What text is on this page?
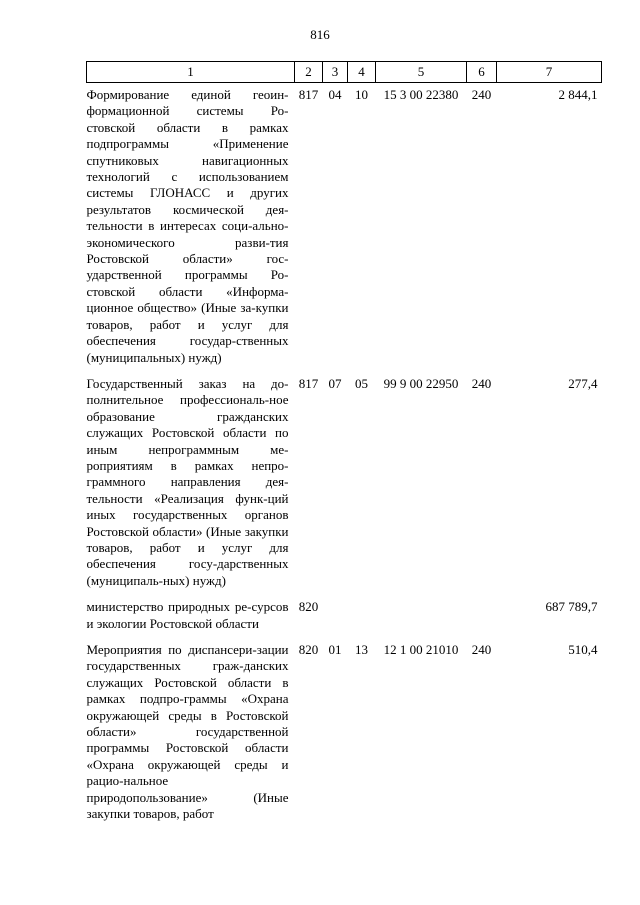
816
1	2	3	4	5	6	7
Формирование единой геоин-формационной системы Ро-стовской области в рамках подпрограммы «Применение спутниковых навигационных технологий с использованием системы ГЛОНАСС и других результатов космической дея-тельности в интересах соци-ально-экономического разви-тия Ростовской области» гос-ударственной программы Ро-стовской области «Информа-ционное общество» (Иные за-купки товаров, работ и услуг для обеспечения государ-ственных (муниципальных) нужд)	817	04	10	15 3 00 22380	240	2 844,1
Государственный заказ на до-полнительное профессиональ-ное образование гражданских служащих Ростовской области по иным непрограммным ме-роприятиям в рамках непро-граммного направления дея-тельности «Реализация функ-ций иных государственных органов Ростовской области» (Иные закупки товаров, работ и услуг для обеспечения госу-дарственных (муниципаль-ных) нужд)	817	07	05	99 9 00 22950	240	277,4
министерство природных ре-сурсов и экологии Ростовской области	820					687 789,7
Мероприятия по диспансери-зации государственных граж-данских служащих Ростовской области в рамках подпро-граммы «Охрана окружающей среды в Ростовской области» государственной программы Ростовской области «Охрана окружающей среды и рацио-нальное природопользование» (Иные закупки товаров, работ	820	01	13	12 1 00 21010	240	510,4
